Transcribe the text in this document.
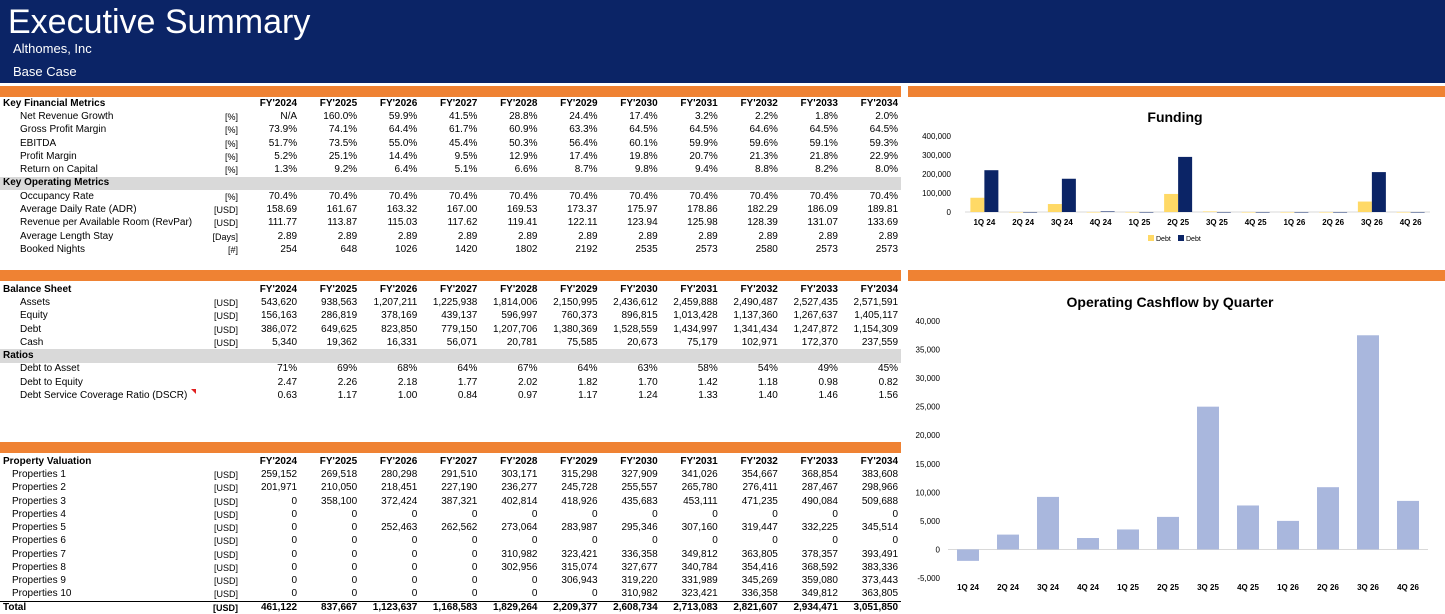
Executive Summary
Althomes, Inc
Base Case
Key Financial Metrics		FY'2024	FY'2025	FY'2026	FY'2027	FY'2028	FY'2029	FY'2030	FY'2031	FY'2032	FY'2033	FY'2034
Net Revenue Growth	[%]	N/A	160.0%	59.9%	41.5%	28.8%	24.4%	17.4%	3.2%	2.2%	1.8%	2.0%
Gross Profit Margin	[%]	73.9%	74.1%	64.4%	61.7%	60.9%	63.3%	64.5%	64.5%	64.6%	64.5%	64.5%
EBITDA	[%]	51.7%	73.5%	55.0%	45.4%	50.3%	56.4%	60.1%	59.9%	59.6%	59.1%	59.3%
Profit Margin	[%]	5.2%	25.1%	14.4%	9.5%	12.9%	17.4%	19.8%	20.7%	21.3%	21.8%	22.9%
Return on Capital	[%]	1.3%	9.2%	6.4%	5.1%	6.6%	8.7%	9.8%	9.4%	8.8%	8.2%	8.0%
Key Operating Metrics												
Occupancy Rate	[%]	70.4%	70.4%	70.4%	70.4%	70.4%	70.4%	70.4%	70.4%	70.4%	70.4%	70.4%
Average Daily Rate (ADR)	[USD]	158.69	161.67	163.32	167.00	169.53	173.37	175.97	178.86	182.29	186.09	189.81
Revenue per Available Room (RevPar)	[USD]	111.77	113.87	115.03	117.62	119.41	122.11	123.94	125.98	128.39	131.07	133.69
Average Length Stay	[Days]	2.89	2.89	2.89	2.89	2.89	2.89	2.89	2.89	2.89	2.89	2.89
Booked Nights	[#]	254	648	1026	1420	1802	2192	2535	2573	2580	2573	2573
Balance Sheet		FY'2024	FY'2025	FY'2026	FY'2027	FY'2028	FY'2029	FY'2030	FY'2031	FY'2032	FY'2033	FY'2034
Assets	[USD]	543,620	938,563	1,207,211	1,225,938	1,814,006	2,150,995	2,436,612	2,459,888	2,490,487	2,527,435	2,571,591
Equity	[USD]	156,163	286,819	378,169	439,137	596,997	760,373	896,815	1,013,428	1,137,360	1,267,637	1,405,117
Debt	[USD]	386,072	649,625	823,850	779,150	1,207,706	1,380,369	1,528,559	1,434,997	1,341,434	1,247,872	1,154,309
Cash	[USD]	5,340	19,362	16,331	56,071	20,781	75,585	20,673	75,179	102,971	172,370	237,559
Ratios												
Debt to Asset		71%	69%	68%	64%	67%	64%	63%	58%	54%	49%	45%
Debt to Equity		2.47	2.26	2.18	1.77	2.02	1.82	1.70	1.42	1.18	0.98	0.82
Debt Service Coverage Ratio (DSCR)		0.63	1.17	1.00	0.84	0.97	1.17	1.24	1.33	1.40	1.46	1.56
Property Valuation		FY'2024	FY'2025	FY'2026	FY'2027	FY'2028	FY'2029	FY'2030	FY'2031	FY'2032	FY'2033	FY'2034
Properties 1	[USD]	259,152	269,518	280,298	291,510	303,171	315,298	327,909	341,026	354,667	368,854	383,608
Properties 2	[USD]	201,971	210,050	218,451	227,190	236,277	245,728	255,557	265,780	276,411	287,467	298,966
Properties 3	[USD]	0	358,100	372,424	387,321	402,814	418,926	435,683	453,111	471,235	490,084	509,688
Properties 4	[USD]	0	0	0	0	0	0	0	0	0	0	0
Properties 5	[USD]	0	0	252,463	262,562	273,064	283,987	295,346	307,160	319,447	332,225	345,514
Properties 6	[USD]	0	0	0	0	0	0	0	0	0	0	0
Properties 7	[USD]	0	0	0	0	310,982	323,421	336,358	349,812	363,805	378,357	393,491
Properties 8	[USD]	0	0	0	0	302,956	315,074	327,677	340,784	354,416	368,592	383,336
Properties 9	[USD]	0	0	0	0	0	306,943	319,220	331,989	345,269	359,080	373,443
Properties 10	[USD]	0	0	0	0	0	0	310,982	323,421	336,358	349,812	363,805
Total	[USD]	461,122	837,667	1,123,637	1,168,583	1,829,264	2,209,377	2,608,734	2,713,083	2,821,607	2,934,471	3,051,850
Funding
400,000
300,000
200,000
100,000
0
1Q 24 2Q 24 3Q 24 4Q 24 1Q 25 2Q 25 3Q 25 4Q 25 1Q 26 2Q 26 3Q 26 4Q 26
Debt Debt
Operating Cashflow by Quarter
40,000
35,000
30,000
25,000
20,000
15,000
10,000
5,000
0
-5,000
1Q 24 2Q 24 3Q 24 4Q 24 1Q 25 2Q 25 3Q 25 4Q 25 1Q 26 2Q 26 3Q 26 4Q 26
